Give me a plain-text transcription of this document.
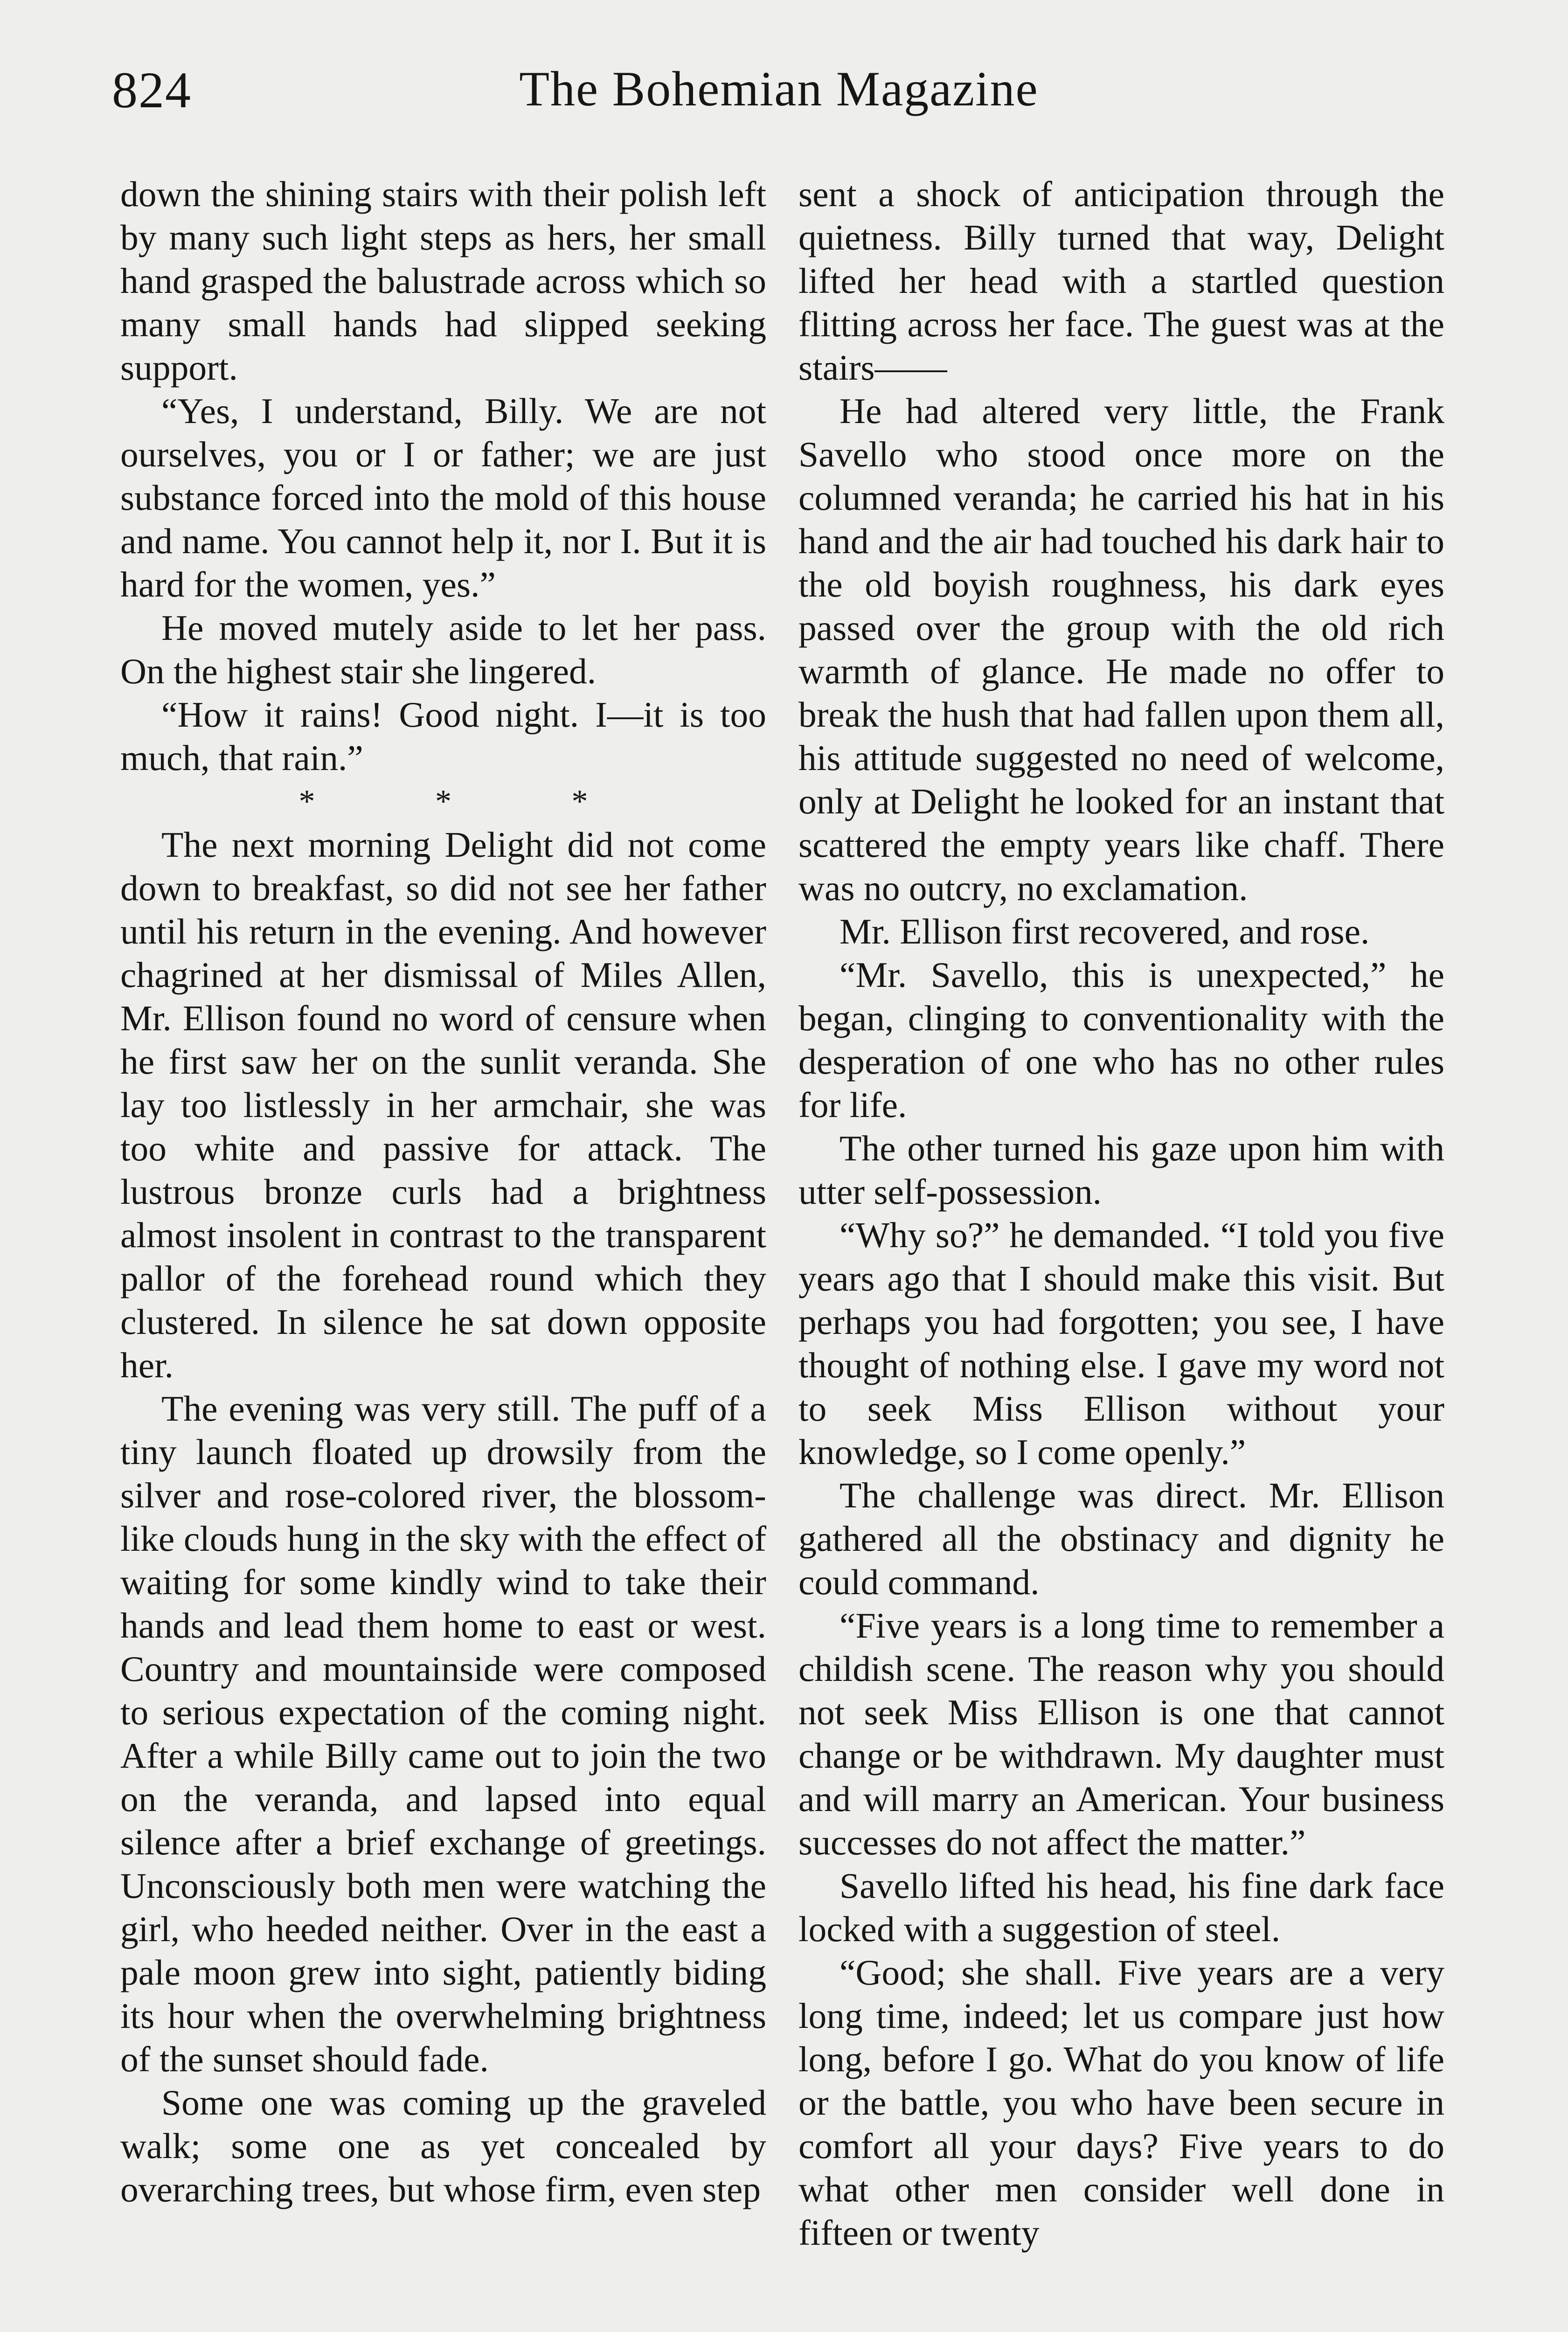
824	The Bohemian Magazine

down the shining stairs with their polish left by many such light steps as hers, her small hand grasped the balustrade across which so many small hands had slipped seeking support.

“Yes, I understand, Billy. We are not ourselves, you or I or father; we are just substance forced into the mold of this house and name. You cannot help it, nor I. But it is hard for the women, yes.”

He moved mutely aside to let her pass. On the highest stair she lingered.

“How it rains! Good night. I—it is too much, that rain.”

* * *

The next morning Delight did not come down to breakfast, so did not see her father until his return in the evening. And however chagrined at her dismissal of Miles Allen, Mr. Ellison found no word of censure when he first saw her on the sunlit veranda. She lay too listlessly in her armchair, she was too white and passive for attack. The lustrous bronze curls had a brightness almost insolent in contrast to the transparent pallor of the forehead round which they clustered. In silence he sat down opposite her.

The evening was very still. The puff of a tiny launch floated up drowsily from the silver and rose-colored river, the blossom-like clouds hung in the sky with the effect of waiting for some kindly wind to take their hands and lead them home to east or west. Country and mountainside were composed to serious expectation of the coming night. After a while Billy came out to join the two on the veranda, and lapsed into equal silence after a brief exchange of greetings. Unconsciously both men were watching the girl, who heeded neither. Over in the east a pale moon grew into sight, patiently biding its hour when the overwhelming brightness of the sunset should fade.

Some one was coming up the graveled walk; some one as yet concealed by overarching trees, but whose firm, even step

sent a shock of anticipation through the quietness. Billy turned that way, Delight lifted her head with a startled question flitting across her face. The guest was at the stairs——

He had altered very little, the Frank Savello who stood once more on the columned veranda; he carried his hat in his hand and the air had touched his dark hair to the old boyish roughness, his dark eyes passed over the group with the old rich warmth of glance. He made no offer to break the hush that had fallen upon them all, his attitude suggested no need of welcome, only at Delight he looked for an instant that scattered the empty years like chaff. There was no outcry, no exclamation.

Mr. Ellison first recovered, and rose.

“Mr. Savello, this is unexpected,” he began, clinging to conventionality with the desperation of one who has no other rules for life.

The other turned his gaze upon him with utter self-possession.

“Why so?” he demanded. “I told you five years ago that I should make this visit. But perhaps you had forgotten; you see, I have thought of nothing else. I gave my word not to seek Miss Ellison without your knowledge, so I come openly.”

The challenge was direct. Mr. Ellison gathered all the obstinacy and dignity he could command.

“Five years is a long time to remember a childish scene. The reason why you should not seek Miss Ellison is one that cannot change or be withdrawn. My daughter must and will marry an American. Your business successes do not affect the matter.”

Savello lifted his head, his fine dark face locked with a suggestion of steel.

“Good; she shall. Five years are a very long time, indeed; let us compare just how long, before I go. What do you know of life or the battle, you who have been secure in comfort all your days? Five years to do what other men consider well done in fifteen or twenty
